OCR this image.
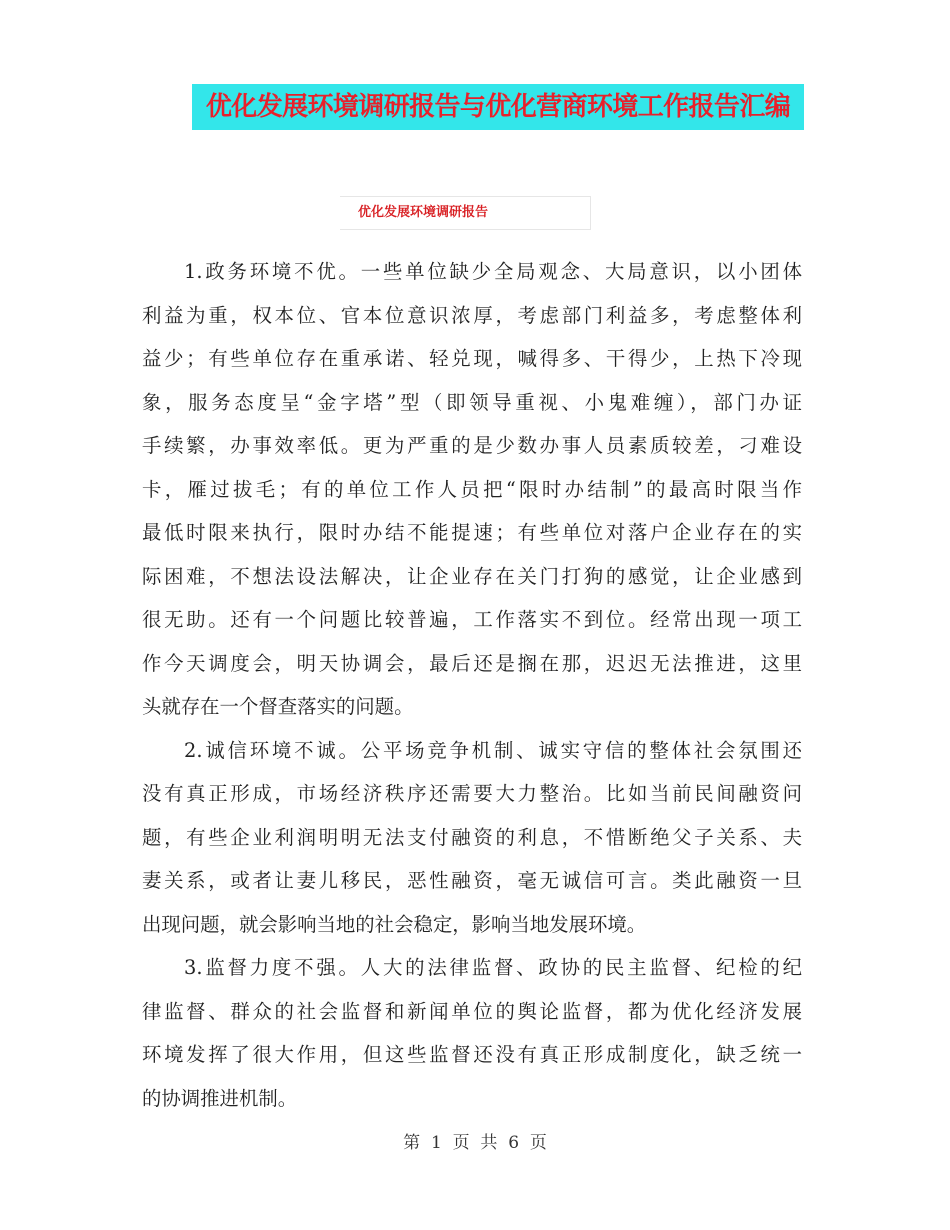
优化发展环境调研报告与优化营商环境工作报告汇编
优化发展环境调研报告
1.政务环境不优。一些单位缺少全局观念、大局意识，以小团体
利益为重，权本位、官本位意识浓厚，考虑部门利益多，考虑整体利
益少；有些单位存在重承诺、轻兑现，喊得多、干得少，上热下冷现
象，服务态度呈“金字塔”型（即领导重视、小鬼难缠），部门办证
手续繁，办事效率低。更为严重的是少数办事人员素质较差，刁难设
卡，雁过拔毛；有的单位工作人员把“限时办结制”的最高时限当作
最低时限来执行，限时办结不能提速；有些单位对落户企业存在的实
际困难，不想法设法解决，让企业存在关门打狗的感觉，让企业感到
很无助。还有一个问题比较普遍，工作落实不到位。经常出现一项工
作今天调度会，明天协调会，最后还是搁在那，迟迟无法推进，这里
头就存在一个督查落实的问题。
2.诚信环境不诚。公平场竞争机制、诚实守信的整体社会氛围还
没有真正形成，市场经济秩序还需要大力整治。比如当前民间融资问
题，有些企业利润明明无法支付融资的利息，不惜断绝父子关系、夫
妻关系，或者让妻儿移民，恶性融资，毫无诚信可言。类此融资一旦
出现问题，就会影响当地的社会稳定，影响当地发展环境。
3.监督力度不强。人大的法律监督、政协的民主监督、纪检的纪
律监督、群众的社会监督和新闻单位的舆论监督，都为优化经济发展
环境发挥了很大作用，但这些监督还没有真正形成制度化，缺乏统一
的协调推进机制。
第  1  页  共  6  页
